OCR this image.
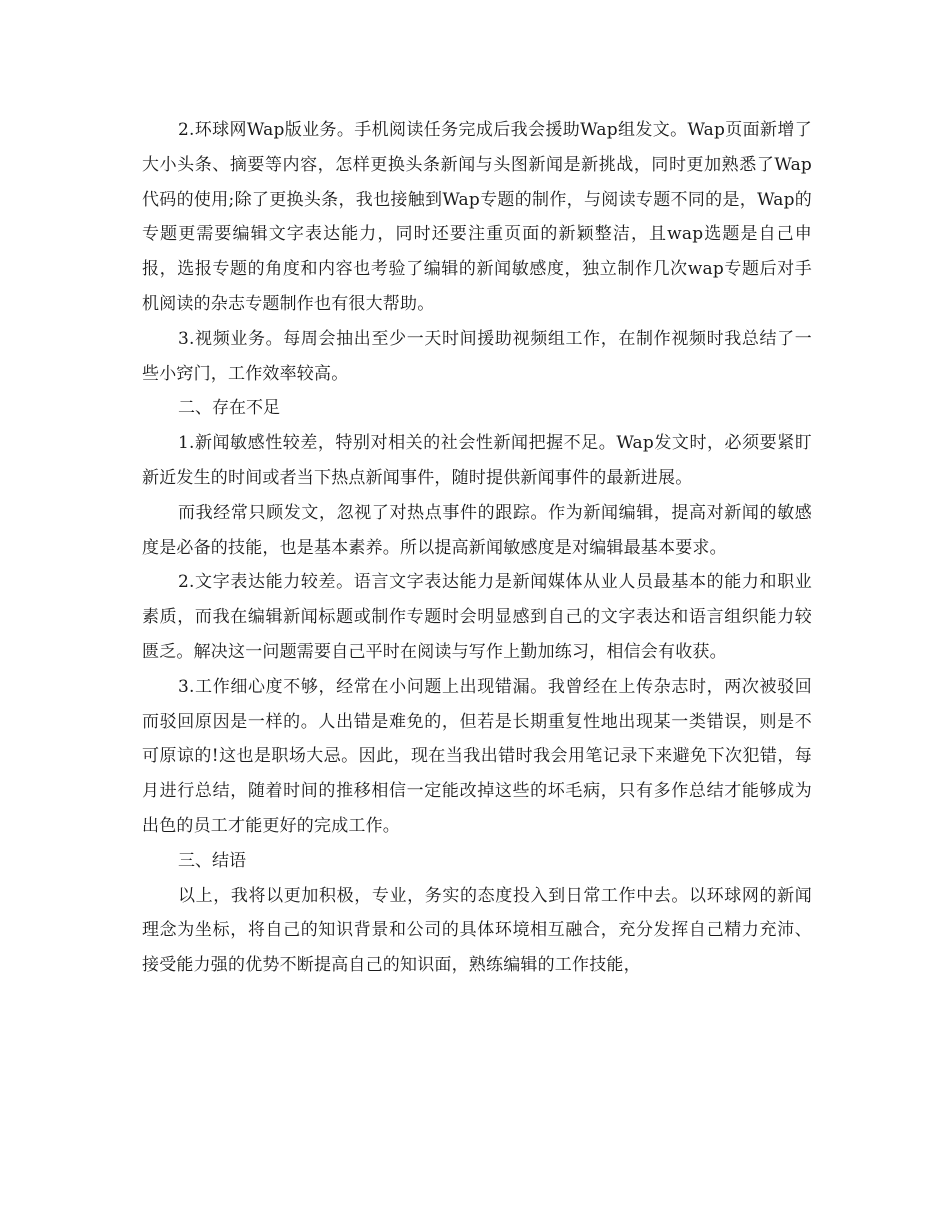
2.环球网Wap版业务。手机阅读任务完成后我会援助Wap组发文。Wap页面新增了大小头条、摘要等内容，怎样更换头条新闻与头图新闻是新挑战，同时更加熟悉了Wap代码的使用;除了更换头条，我也接触到Wap专题的制作，与阅读专题不同的是，Wap的专题更需要编辑文字表达能力，同时还要注重页面的新颖整洁，且wap选题是自己申报，选报专题的角度和内容也考验了编辑的新闻敏感度，独立制作几次wap专题后对手机阅读的杂志专题制作也有很大帮助。

3.视频业务。每周会抽出至少一天时间援助视频组工作，在制作视频时我总结了一些小窍门，工作效率较高。

二、存在不足

1.新闻敏感性较差，特别对相关的社会性新闻把握不足。Wap发文时，必须要紧盯新近发生的时间或者当下热点新闻事件，随时提供新闻事件的最新进展。

而我经常只顾发文，忽视了对热点事件的跟踪。作为新闻编辑，提高对新闻的敏感度是必备的技能，也是基本素养。所以提高新闻敏感度是对编辑最基本要求。

2.文字表达能力较差。语言文字表达能力是新闻媒体从业人员最基本的能力和职业素质，而我在编辑新闻标题或制作专题时会明显感到自己的文字表达和语言组织能力较匮乏。解决这一问题需要自己平时在阅读与写作上勤加练习，相信会有收获。

3.工作细心度不够，经常在小问题上出现错漏。我曾经在上传杂志时，两次被驳回而驳回原因是一样的。人出错是难免的，但若是长期重复性地出现某一类错误，则是不可原谅的!这也是职场大忌。因此，现在当我出错时我会用笔记录下来避免下次犯错，每月进行总结，随着时间的推移相信一定能改掉这些的坏毛病，只有多作总结才能够成为出色的员工才能更好的完成工作。

三、结语

以上，我将以更加积极，专业，务实的态度投入到日常工作中去。以环球网的新闻理念为坐标，将自己的知识背景和公司的具体环境相互融合，充分发挥自己精力充沛、接受能力强的优势不断提高自己的知识面，熟练编辑的工作技能，
